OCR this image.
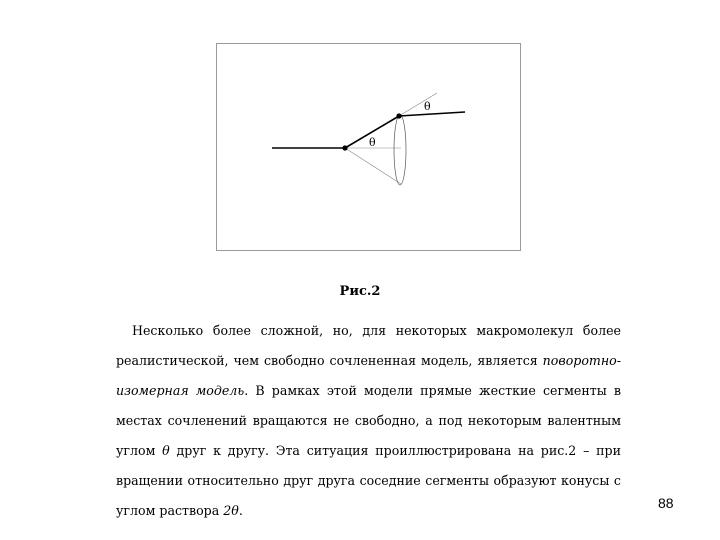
θ
θ
Рис.2

Несколько более сложной, но, для некоторых макромолекул более реалистической, чем свободно сочлененная модель, является поворотно-изомерная модель. В рамках этой модели прямые жесткие сегменты в местах сочленений вращаются не свободно, а под некоторым валентным углом θ друг к другу. Эта ситуация проиллюстрирована на рис.2 – при вращении относительно друг друга соседние сегменты образуют конусы с углом раствора 2θ.	88
